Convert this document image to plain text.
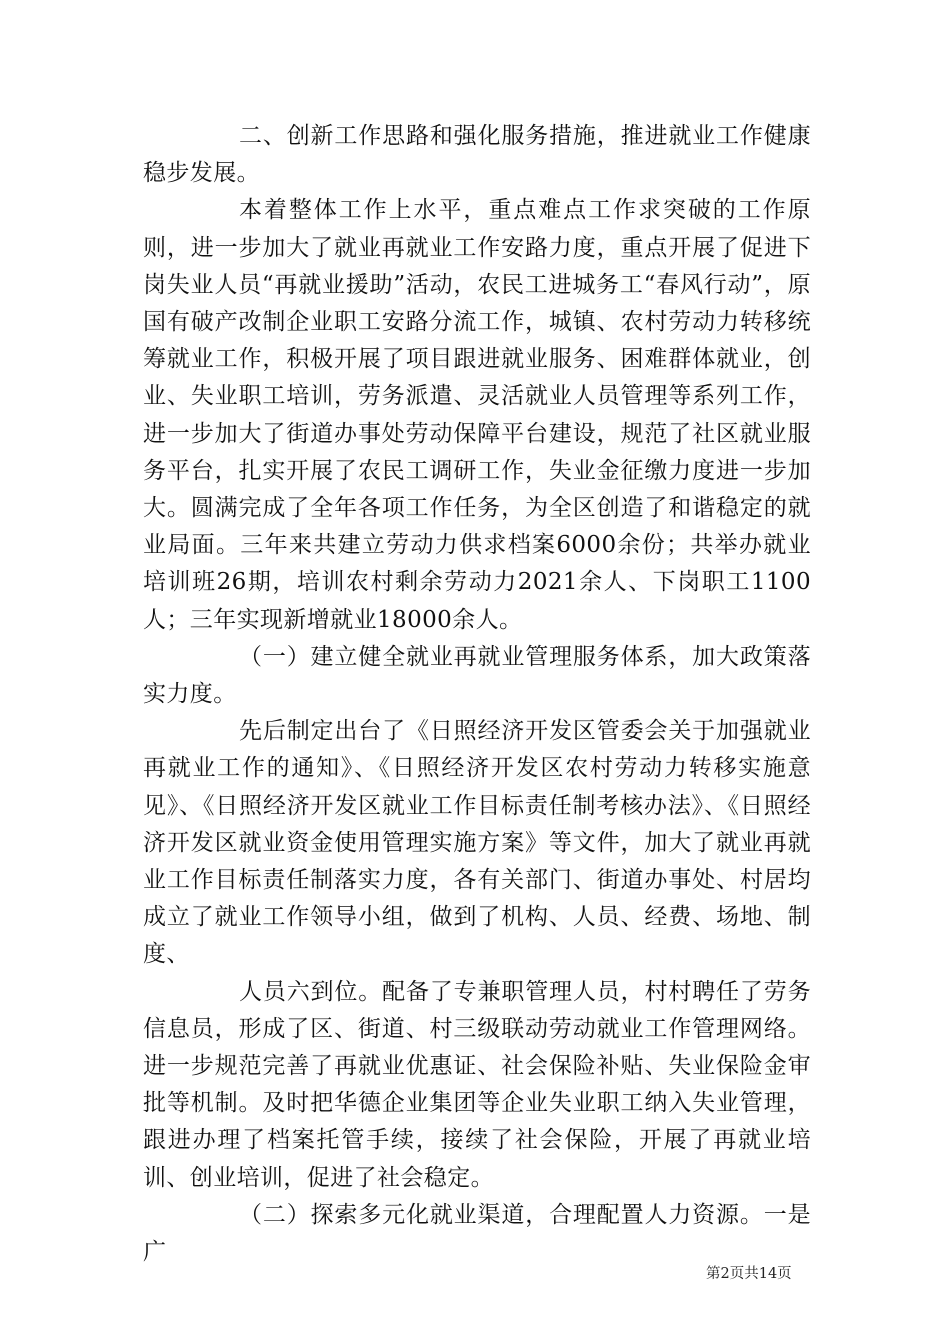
二、创新工作思路和强化服务措施，推进就业工作健康稳步发展。

本着整体工作上水平，重点难点工作求突破的工作原则，进一步加大了就业再就业工作安路力度，重点开展了促进下岗失业人员“再就业援助”活动，农民工进城务工“春风行动”，原国有破产改制企业职工安路分流工作，城镇、农村劳动力转移统筹就业工作，积极开展了项目跟进就业服务、困难群体就业，创业、失业职工培训，劳务派遣、灵活就业人员管理等系列工作，进一步加大了街道办事处劳动保障平台建设，规范了社区就业服务平台，扎实开展了农民工调研工作，失业金征缴力度进一步加大。圆满完成了全年各项工作任务，为全区创造了和谐稳定的就业局面。三年来共建立劳动力供求档案6000余份；共举办就业培训班26期，培训农村剩余劳动力2021余人、下岗职工1100人；三年实现新增就业18000余人。

（一）建立健全就业再就业管理服务体系，加大政策落实力度。

先后制定出台了《日照经济开发区管委会关于加强就业再就业工作的通知》、《日照经济开发区农村劳动力转移实施意见》、《日照经济开发区就业工作目标责任制考核办法》、《日照经济开发区就业资金使用管理实施方案》等文件，加大了就业再就业工作目标责任制落实力度，各有关部门、街道办事处、村居均成立了就业工作领导小组，做到了机构、人员、经费、场地、制度、

人员六到位。配备了专兼职管理人员，村村聘任了劳务信息员，形成了区、街道、村三级联动劳动就业工作管理网络。进一步规范完善了再就业优惠证、社会保险补贴、失业保险金审批等机制。及时把华德企业集团等企业失业职工纳入失业管理，跟进办理了档案托管手续，接续了社会保险，开展了再就业培训、创业培训，促进了社会稳定。

（二）探索多元化就业渠道，合理配置人力资源。一是广

第2页共14页
